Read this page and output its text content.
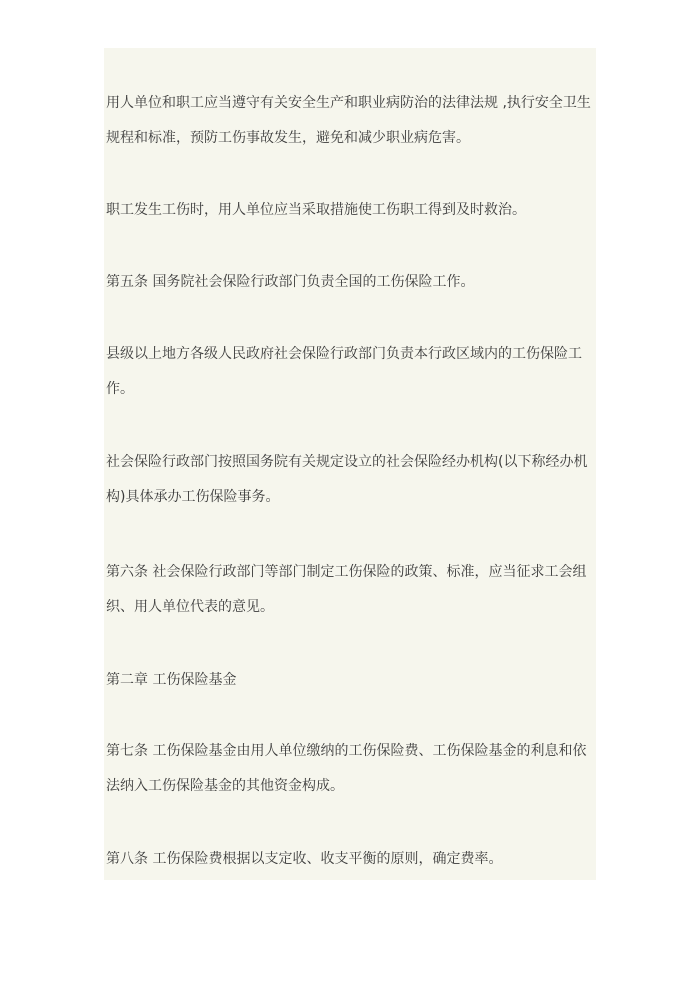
用人单位和职工应当遵守有关安全生产和职业病防治的法律法规 ,执行安全卫生
规程和标准，预防工伤事故发生，避免和减少职业病危害。

职工发生工伤时，用人单位应当采取措施使工伤职工得到及时救治。

第五条 国务院社会保险行政部门负责全国的工伤保险工作。

县级以上地方各级人民政府社会保险行政部门负责本行政区域内的工伤保险工
作。

社会保险行政部门按照国务院有关规定设立的社会保险经办机构(以下称经办机
构)具体承办工伤保险事务。

第六条 社会保险行政部门等部门制定工伤保险的政策、标准，应当征求工会组
织、用人单位代表的意见。

第二章 工伤保险基金

第七条 工伤保险基金由用人单位缴纳的工伤保险费、工伤保险基金的利息和依
法纳入工伤保险基金的其他资金构成。

第八条 工伤保险费根据以支定收、收支平衡的原则，确定费率。
